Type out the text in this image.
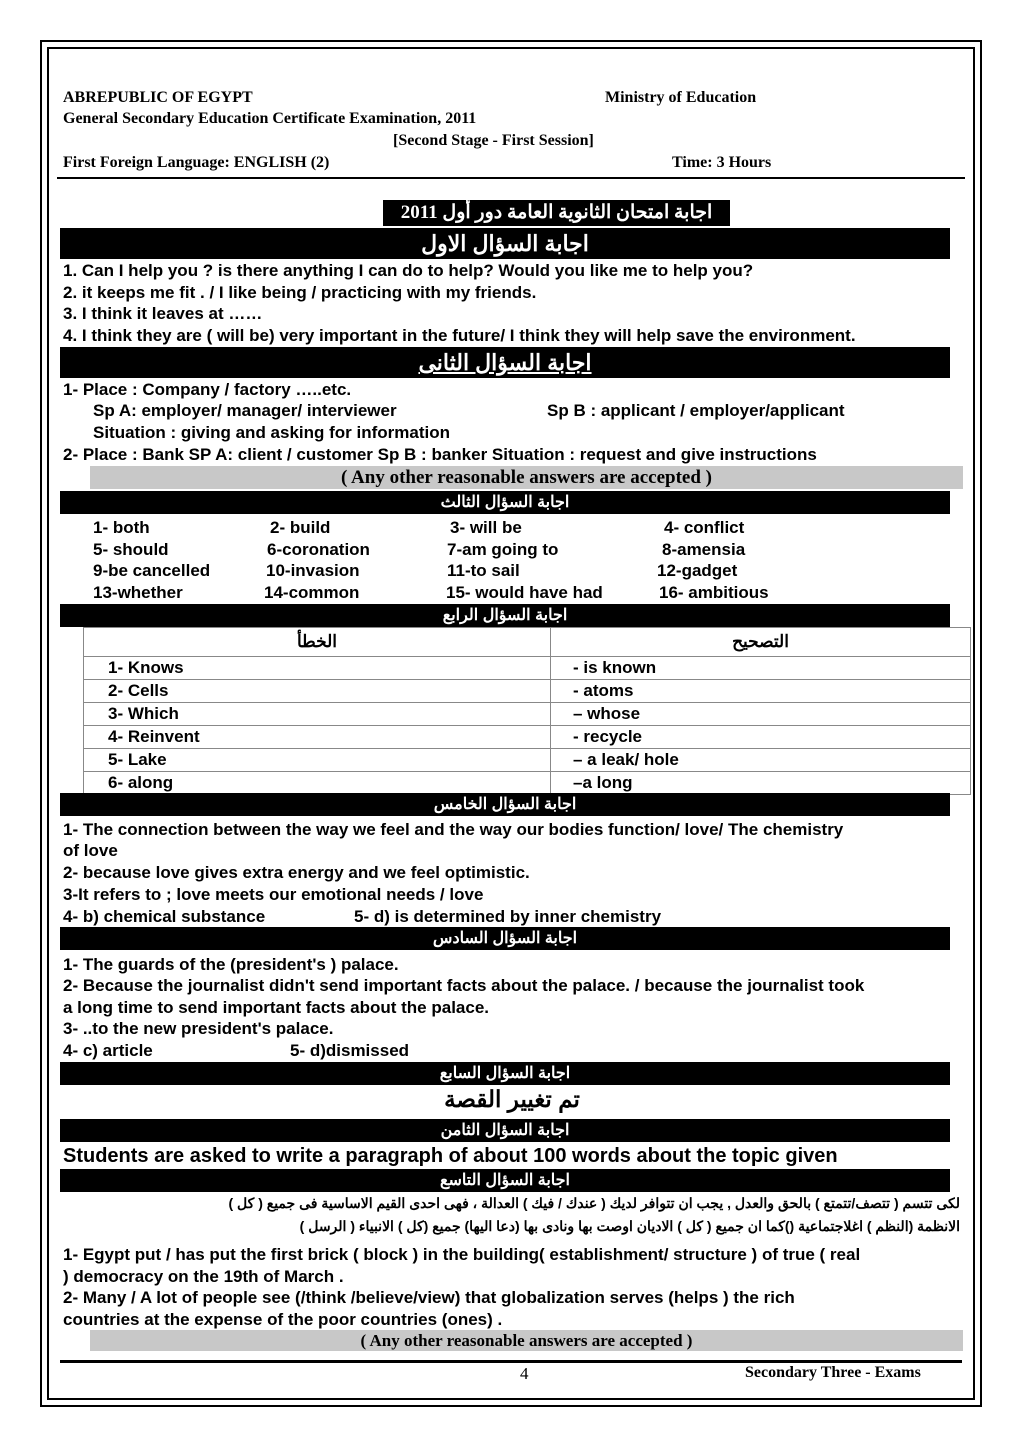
ABREPUBLIC OF EGYPT	Ministry of Education
General Secondary Education Certificate Examination, 2011
[Second Stage - First Session]
First Foreign Language: ENGLISH (2)	Time: 3 Hours
اجابة امتحان الثانوية العامة دور أول 2011
اجابة السؤال الاول
1. Can I help you ? is there anything I can do to help? Would you like me to help you?
2. it keeps me fit . / I like being / practicing with my friends.
3. I think it leaves at ……
4. I think they are ( will be) very important in the future/ I think they will help save the environment.
اجابة السؤال الثانى
1- Place : Company / factory …..etc.
Sp A: employer/ manager/ interviewer	Sp B : applicant / employer/applicant
Situation : giving and asking for information
2- Place : Bank SP A: client / customer Sp B : banker Situation : request and give instructions
( Any other reasonable answers are accepted )
اجابة السؤال الثالث
1- both	2- build	3- will be	4- conflict
5- should	6-coronation	7-am going to	8-amensia
9-be cancelled	10-invasion	11-to sail	12-gadget
13-whether	14-common	15- would have had	16- ambitious
اجابة السؤال الرابع
الخطأ	التصحيح
1- Knows	- is known
2- Cells	- atoms
3- Which	– whose
4- Reinvent	- recycle
5- Lake	– a leak/ hole
6- along	–a long
اجابة السؤال الخامس
1- The connection between the way we feel and the way our bodies function/ love/ The chemistry
of love
2- because love gives extra energy and we feel optimistic.
3-It refers to ; love meets our emotional needs / love
4- b) chemical substance	5- d) is determined by inner chemistry
اجابة السؤال السادس
1- The guards of the (president's ) palace.
2- Because the journalist didn't send important facts about the palace. / because the journalist took
a long time to send important facts about the palace.
3- ..to the new president's palace.
4- c) article	5- d)dismissed
اجابة السؤال السابع
تم تغيير القصة
اجابة السؤال الثامن
Students are asked to write a paragraph of about 100 words about the topic given
اجابة السؤال التاسع
لكى تتسم ( تتصف/تتمتع ) بالحق والعدل , يجب ان تتوافر لديك ( عندك / فيك ) العدالة ، فهى احدى القيم الاساسية فى جميع ( كل )
الانظمة (النظم ) اغلاجتماعية ()كما ان جميع ( كل ) الاديان اوصت بها ونادى بها (دعا اليها) جميع (كل ) الانبياء ( الرسل )
1- Egypt put / has put the first brick ( block ) in the building( establishment/ structure ) of true ( real
) democracy on the 19th of March .
2- Many / A lot of people see (/think /believe/view) that globalization serves (helps ) the rich
countries at the expense of the poor countries (ones) .
( Any other reasonable answers are accepted )
4	Secondary Three - Exams
